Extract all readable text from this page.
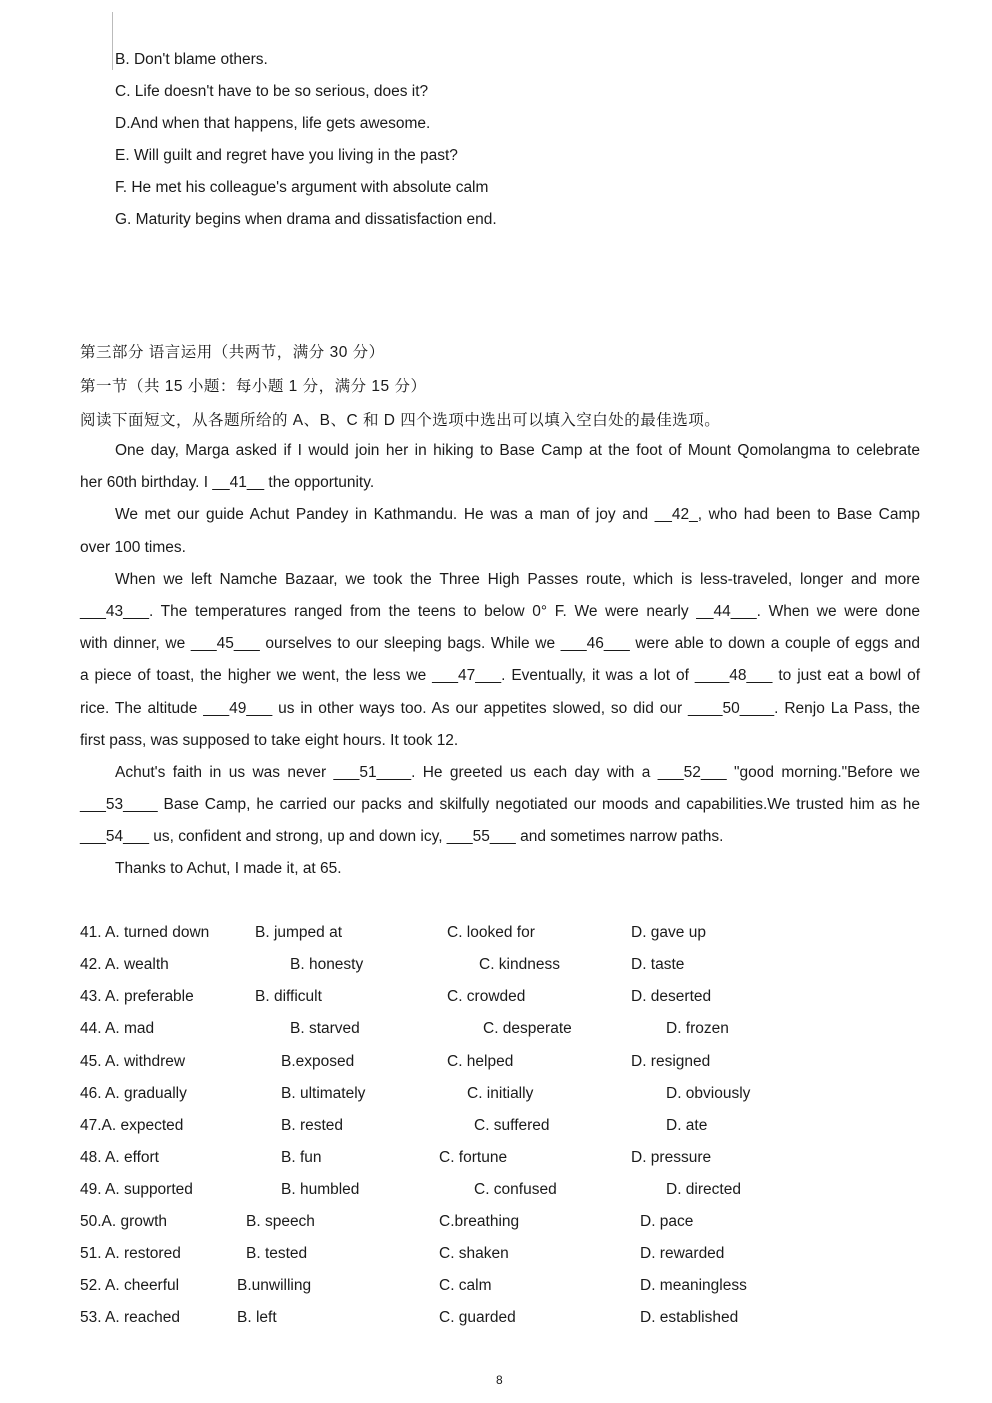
B. Don't blame others.
C. Life doesn't have to be so serious, does it?
D.And when that happens, life gets awesome.
E. Will guilt and regret have you living in the past?
F. He met his colleague's argument with absolute calm
G. Maturity begins when drama and dissatisfaction end.
第三部分 语言运用（共两节，满分 30 分）
第一节（共 15 小题：每小题 1 分，满分 15 分）
阅读下面短文，从各题所给的 A、B、C 和 D 四个选项中选出可以填入空白处的最佳选项。
One day, Marga asked if I would join her in hiking to Base Camp at the foot of Mount Qomolangma to celebrate
her 60th birthday. I __41__ the opportunity.
We met our guide Achut Pandey in Kathmandu. He was a man of joy and __42_, who had been to Base Camp
over 100 times.
When we left Namche Bazaar, we took the Three High Passes route, which is less-traveled, longer and more
___43___. The temperatures ranged from the teens to below 0° F. We were nearly __44___. When we were done
with dinner, we ___45___ ourselves to our sleeping bags. While we ___46___ were able to down a couple of eggs and
a piece of toast, the higher we went, the less we ___47___. Eventually, it was a lot of ____48___ to just eat a bowl of
rice. The altitude ___49___ us in other ways too. As our appetites slowed, so did our ____50____. Renjo La Pass, the
first pass, was supposed to take eight hours. It took 12.
Achut's faith in us was never ___51____. He greeted us each day with a ___52___ "good morning."Before we
___53____ Base Camp, he carried our packs and skilfully negotiated our moods and capabilities.We trusted him as he
___54___ us, confident and strong, up and down icy, ___55___ and sometimes narrow paths.
Thanks to Achut, I made it, at 65.
41. A. turned down	B. jumped at	C. looked for	D. gave up
42. A. wealth	B. honesty	C. kindness	D. taste
43. A. preferable	B. difficult	C. crowded	D. deserted
44. A. mad	B. starved	C. desperate	D. frozen
45. A. withdrew	B.exposed	C. helped	D. resigned
46. A. gradually	B. ultimately	C. initially	D. obviously
47.A. expected	B. rested	C. suffered	D. ate
48. A. effort	B. fun	C. fortune	D. pressure
49. A. supported	B. humbled	C. confused	D. directed
50.A. growth	B. speech	C.breathing	D. pace
51. A. restored	B. tested	C. shaken	D. rewarded
52. A. cheerful	B.unwilling	C. calm	D. meaningless
53. A. reached	B. left	C. guarded	D. established
8
